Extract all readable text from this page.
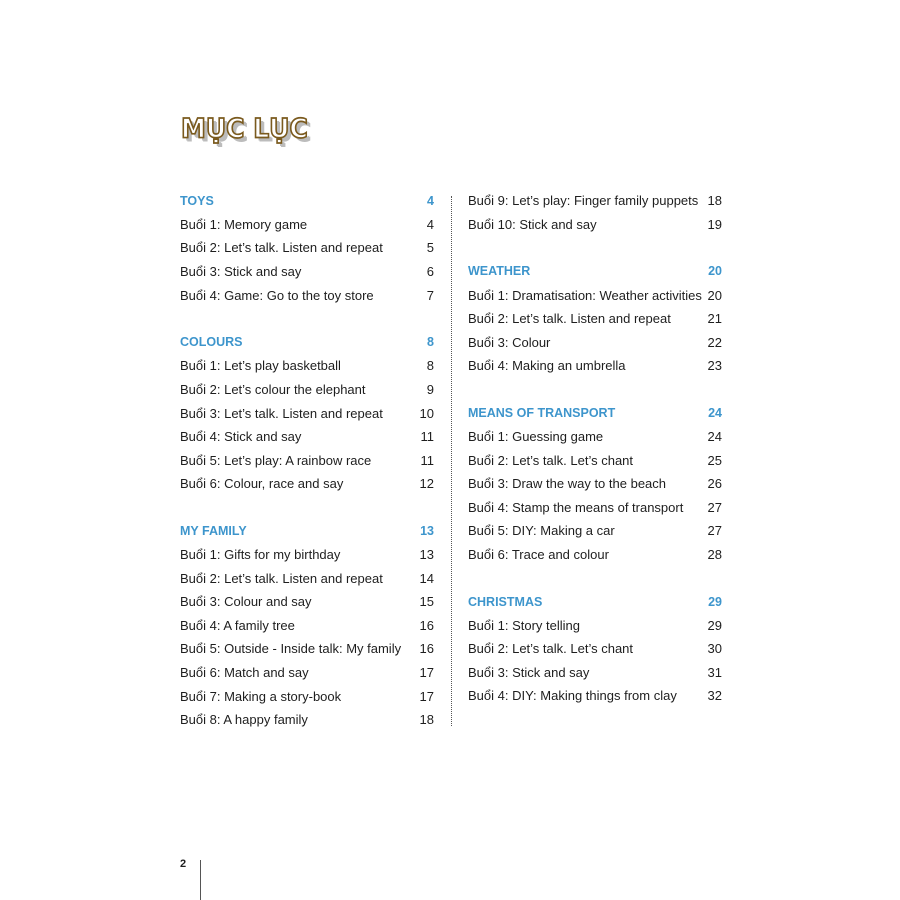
MỤC LỤC
TOYS	4
Buổi 1: Memory game	4
Buổi 2: Let’s talk. Listen and repeat	5
Buổi 3: Stick and say	6
Buổi 4: Game: Go to the toy store	7
COLOURS	8
Buổi 1: Let’s play basketball	8
Buổi 2: Let’s colour the elephant	9
Buổi 3: Let’s talk. Listen and repeat	10
Buổi 4: Stick and say	11
Buổi 5: Let’s play: A rainbow race	11
Buổi 6: Colour, race and say	12
MY FAMILY	13
Buổi 1: Gifts for my birthday	13
Buổi 2: Let’s talk. Listen and repeat	14
Buổi 3: Colour and say	15
Buổi 4: A family tree	16
Buổi 5: Outside - Inside talk: My family 16
Buổi 6: Match and say	17
Buổi 7: Making a story-book	17
Buổi 8: A happy family	18
Buổi 9: Let’s play: Finger family puppets 18
Buổi 10: Stick and say	19
WEATHER	20
Buổi 1: Dramatisation: Weather activities 20
Buổi 2: Let’s talk. Listen and repeat	21
Buổi 3: Colour	22
Buổi 4: Making an umbrella	23
MEANS OF TRANSPORT	24
Buổi 1: Guessing game	24
Buổi 2: Let’s talk. Let’s chant	25
Buổi 3: Draw the way to the beach	26
Buổi 4: Stamp the means of transport 27
Buổi 5: DIY: Making a car	27
Buổi 6: Trace and colour	28
CHRISTMAS	29
Buổi 1: Story telling	29
Buổi 2: Let’s talk. Let’s chant	30
Buổi 3: Stick and say	31
Buổi 4: DIY: Making things from clay 32
2
